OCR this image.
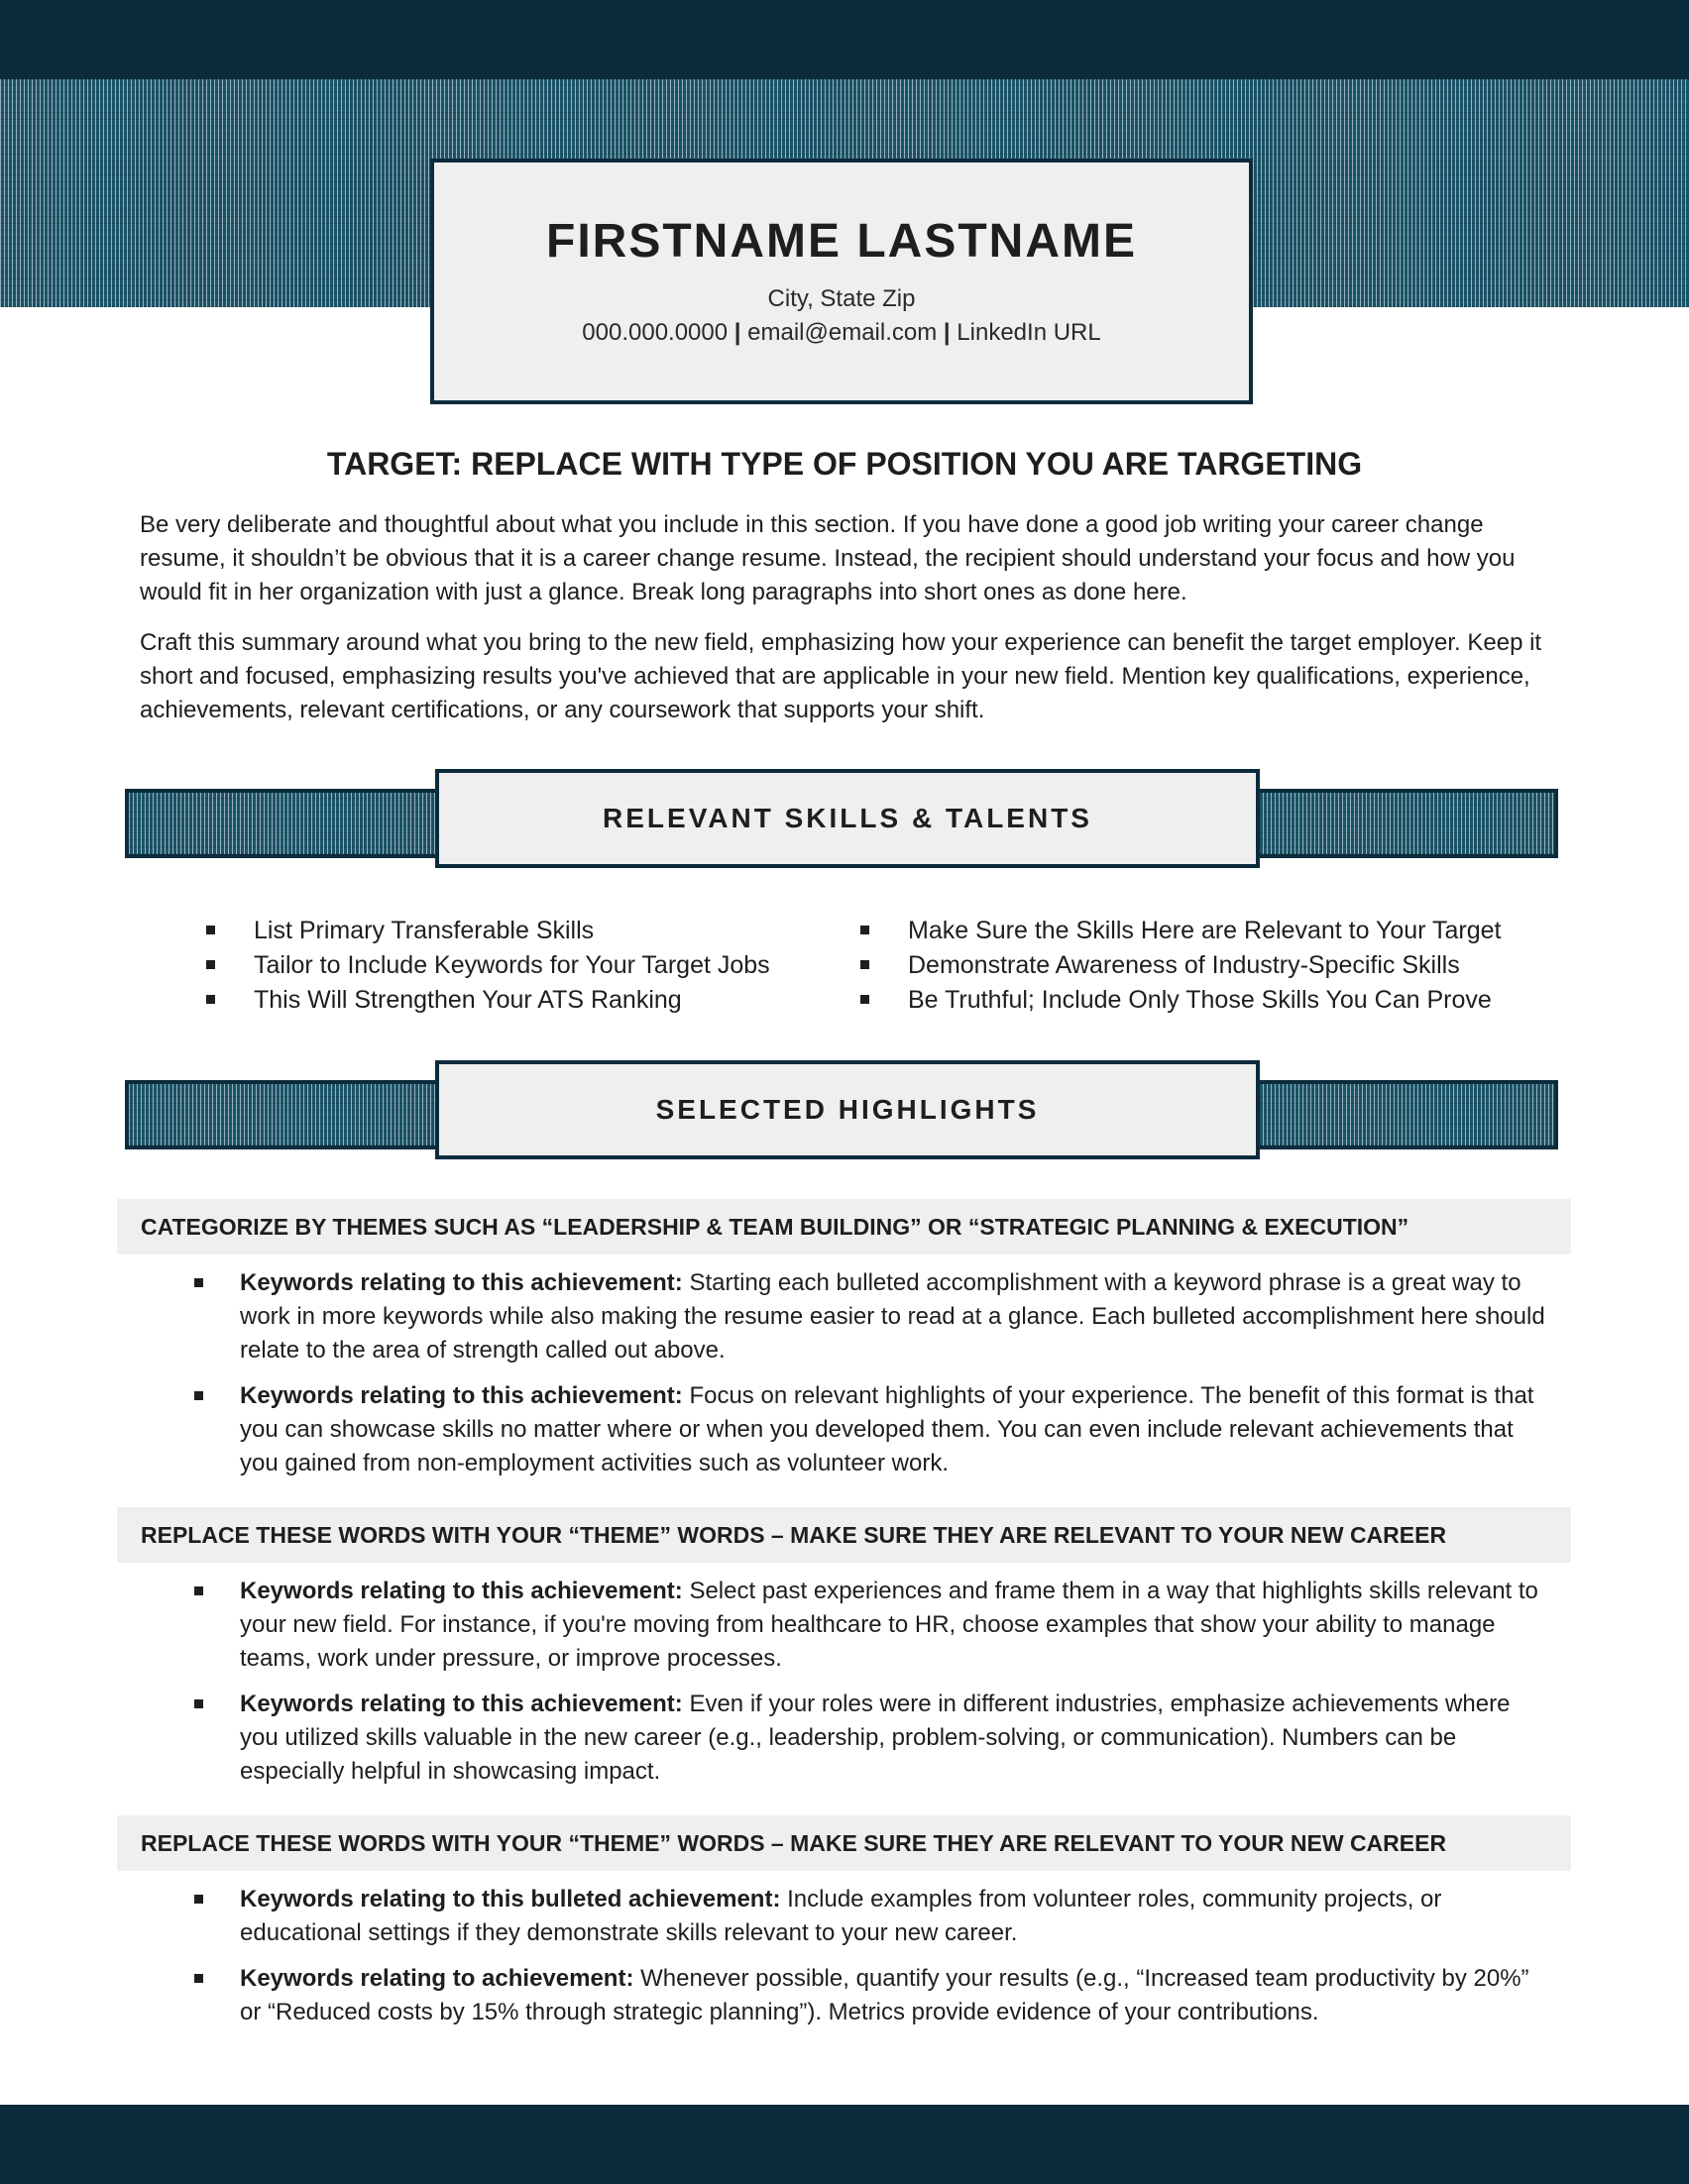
FIRSTNAME LASTNAME
City, State Zip
000.000.0000 | email@email.com | LinkedIn URL
TARGET: REPLACE WITH TYPE OF POSITION YOU ARE TARGETING

Be very deliberate and thoughtful about what you include in this section. If you have done a good job writing your career change resume, it shouldn’t be obvious that it is a career change resume. Instead, the recipient should understand your focus and how you would fit in her organization with just a glance. Break long paragraphs into short ones as done here.

Craft this summary around what you bring to the new field, emphasizing how your experience can benefit the target employer. Keep it short and focused, emphasizing results you've achieved that are applicable in your new field. Mention key qualifications, experience, achievements, relevant certifications, or any coursework that supports your shift.

RELEVANT SKILLS & TALENTS
List Primary Transferable Skills
Tailor to Include Keywords for Your Target Jobs
This Will Strengthen Your ATS Ranking
Make Sure the Skills Here are Relevant to Your Target
Demonstrate Awareness of Industry-Specific Skills
Be Truthful; Include Only Those Skills You Can Prove
SELECTED HIGHLIGHTS
CATEGORIZE BY THEMES SUCH AS “LEADERSHIP & TEAM BUILDING” OR “STRATEGIC PLANNING & EXECUTION”
Keywords relating to this achievement: Starting each bulleted accomplishment with a keyword phrase is a great way to work in more keywords while also making the resume easier to read at a glance. Each bulleted accomplishment here should relate to the area of strength called out above.
Keywords relating to this achievement: Focus on relevant highlights of your experience. The benefit of this format is that you can showcase skills no matter where or when you developed them. You can even include relevant achievements that you gained from non-employment activities such as volunteer work.
REPLACE THESE WORDS WITH YOUR “THEME” WORDS – MAKE SURE THEY ARE RELEVANT TO YOUR NEW CAREER
Keywords relating to this achievement: Select past experiences and frame them in a way that highlights skills relevant to your new field. For instance, if you're moving from healthcare to HR, choose examples that show your ability to manage teams, work under pressure, or improve processes.
Keywords relating to this achievement: Even if your roles were in different industries, emphasize achievements where you utilized skills valuable in the new career (e.g., leadership, problem-solving, or communication). Numbers can be especially helpful in showcasing impact.
REPLACE THESE WORDS WITH YOUR “THEME” WORDS – MAKE SURE THEY ARE RELEVANT TO YOUR NEW CAREER
Keywords relating to this bulleted achievement: Include examples from volunteer roles, community projects, or educational settings if they demonstrate skills relevant to your new career.
Keywords relating to achievement: Whenever possible, quantify your results (e.g., “Increased team productivity by 20%” or “Reduced costs by 15% through strategic planning”). Metrics provide evidence of your contributions.
